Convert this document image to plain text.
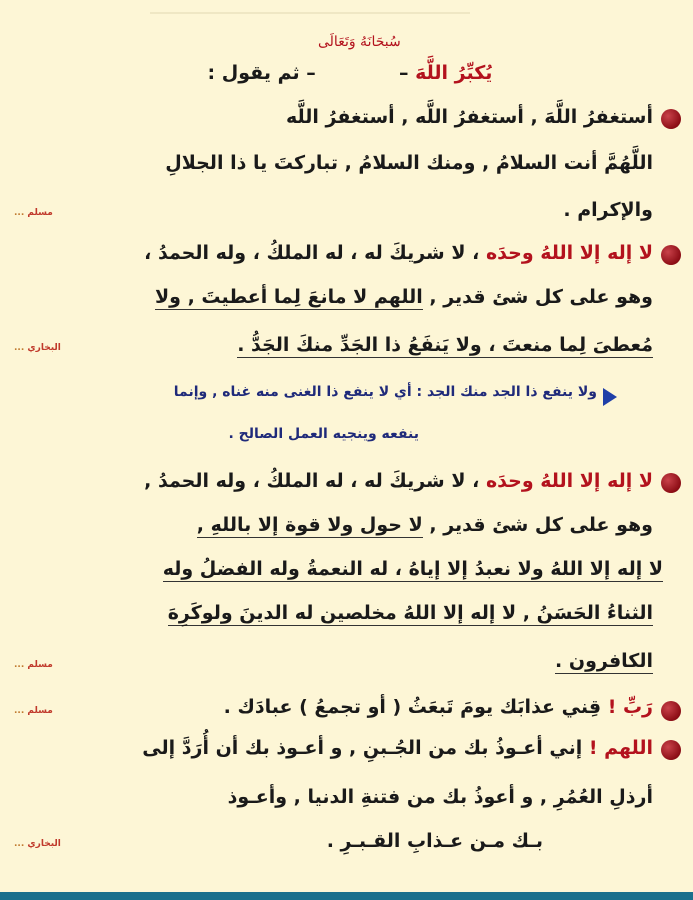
سُبحَانَهُ وَتَعَالَى
يُكبِّرُ اللَّهَ –  – ثم يقول :
أستغفرُ اللَّهَ , أستغفرُ اللَّه , أستغفرُ اللَّه
اللَّهُمَّ أنت السلامُ , ومنك السلامُ , تباركتَ يا ذا الجلالِ
والإكرام .
مسلم ...
لا إله إلا اللهُ وحدَه ، لا شريكَ له ، له الملكُ ، وله الحمدُ ،
وهو على كل شئ قدير , اللهم لا مانعَ لِما أعطيتَ , ولا
مُعطىَ لِما منعتَ ، ولا يَنفَعُ ذا الجَدِّ منكَ الجَدُّ .
البخاري ...
ولا ينفع ذا الجد منك الجد : أي لا ينفع ذا الغنى منه غناه , وإنما
ينفعه وينجيه العمل الصالح .
لا إله إلا اللهُ وحدَه ، لا شريكَ له ، له الملكُ ، وله الحمدُ ,
وهو على كل شئ قدير , لا حول ولا قوة إلا باللهِ ,
لا إله إلا اللهُ ولا نعبدُ إلا إياهُ ، له النعمةُ وله الفضلُ وله
الثناءُ الحَسَنُ , لا إله إلا اللهُ مخلصين له الدينَ ولوكَرِهَ
الكافرون .
مسلم ...
رَبِّ ! قِني عذابَك يومَ تَبعَثُ ( أو تجمعُ ) عبادَك .
مسلم ...
اللهم ! إني أعـوذُ بك من الجُـبنِ , و أعـوذ بك أن أُرَدَّ إلى
أرذلِ العُمُرِ , و أعوذُ بك من فتنةِ الدنيا , وأعـوذ
بـك مـن عـذابِ القـبـرِ .
البخاري ...
